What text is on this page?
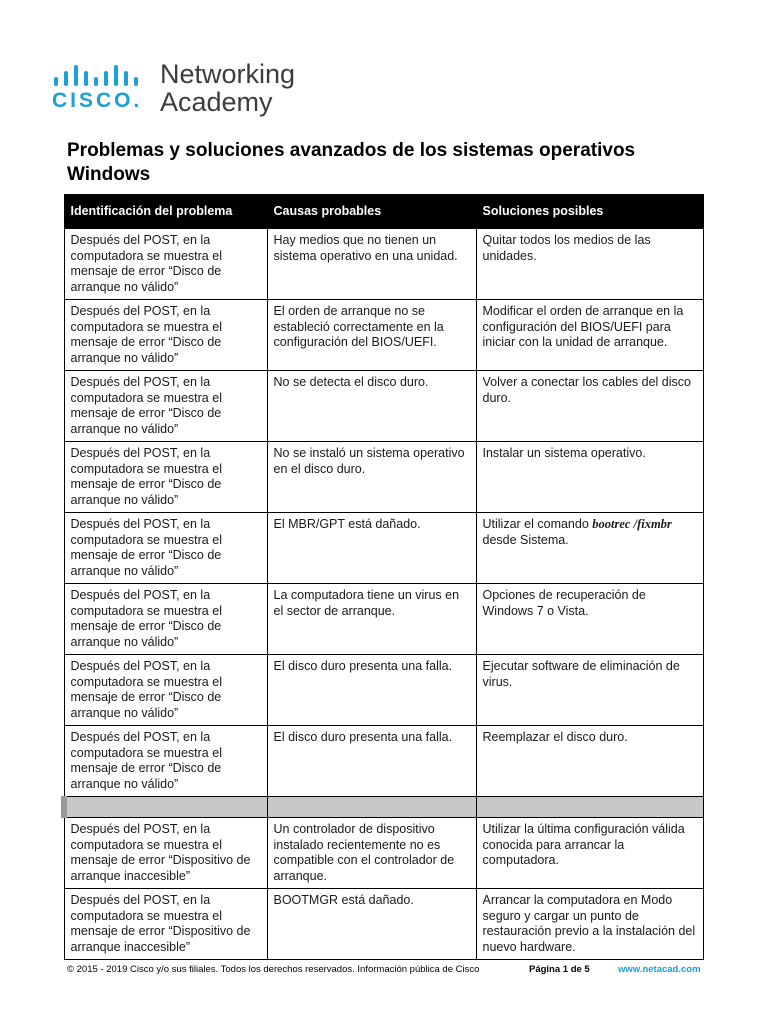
CISCO.
Networking
Academy
Problemas y soluciones avanzados de los sistemas operativos Windows
Identificación del problema	Causas probables	Soluciones posibles
Después del POST, en la computadora se muestra el mensaje de error “Disco de arranque no válido”	Hay medios que no tienen un sistema operativo en una unidad.	Quitar todos los medios de las unidades.
Después del POST, en la computadora se muestra el mensaje de error “Disco de arranque no válido”	El orden de arranque no se estableció correctamente en la configuración del BIOS/UEFI.	Modificar el orden de arranque en la configuración del BIOS/UEFI para iniciar con la unidad de arranque.
Después del POST, en la computadora se muestra el mensaje de error “Disco de arranque no válido”	No se detecta el disco duro.	Volver a conectar los cables del disco duro.
Después del POST, en la computadora se muestra el mensaje de error “Disco de arranque no válido”	No se instaló un sistema operativo en el disco duro.	Instalar un sistema operativo.
Después del POST, en la computadora se muestra el mensaje de error “Disco de arranque no válido”	El MBR/GPT está dañado.	Utilizar el comando bootrec /fixmbr desde Sistema.
Después del POST, en la computadora se muestra el mensaje de error “Disco de arranque no válido”	La computadora tiene un virus en el sector de arranque.	Opciones de recuperación de Windows 7 o Vista.
Después del POST, en la computadora se muestra el mensaje de error “Disco de arranque no válido”	El disco duro presenta una falla.	Ejecutar software de eliminación de virus.
Después del POST, en la computadora se muestra el mensaje de error “Disco de arranque no válido”	El disco duro presenta una falla.	Reemplazar el disco duro.

Después del POST, en la computadora se muestra el mensaje de error “Dispositivo de arranque inaccesible”	Un controlador de dispositivo instalado recientemente no es compatible con el controlador de arranque.	Utilizar la última configuración válida conocida para arrancar la computadora.
Después del POST, en la computadora se muestra el mensaje de error “Dispositivo de arranque inaccesible”	BOOTMGR está dañado.	Arrancar la computadora en Modo seguro y cargar un punto de restauración previo a la instalación del nuevo hardware.
© 2015 - 2019 Cisco y/o sus filiales. Todos los derechos reservados. Información pública de Cisco	Página 1 de 5	www.netacad.com
